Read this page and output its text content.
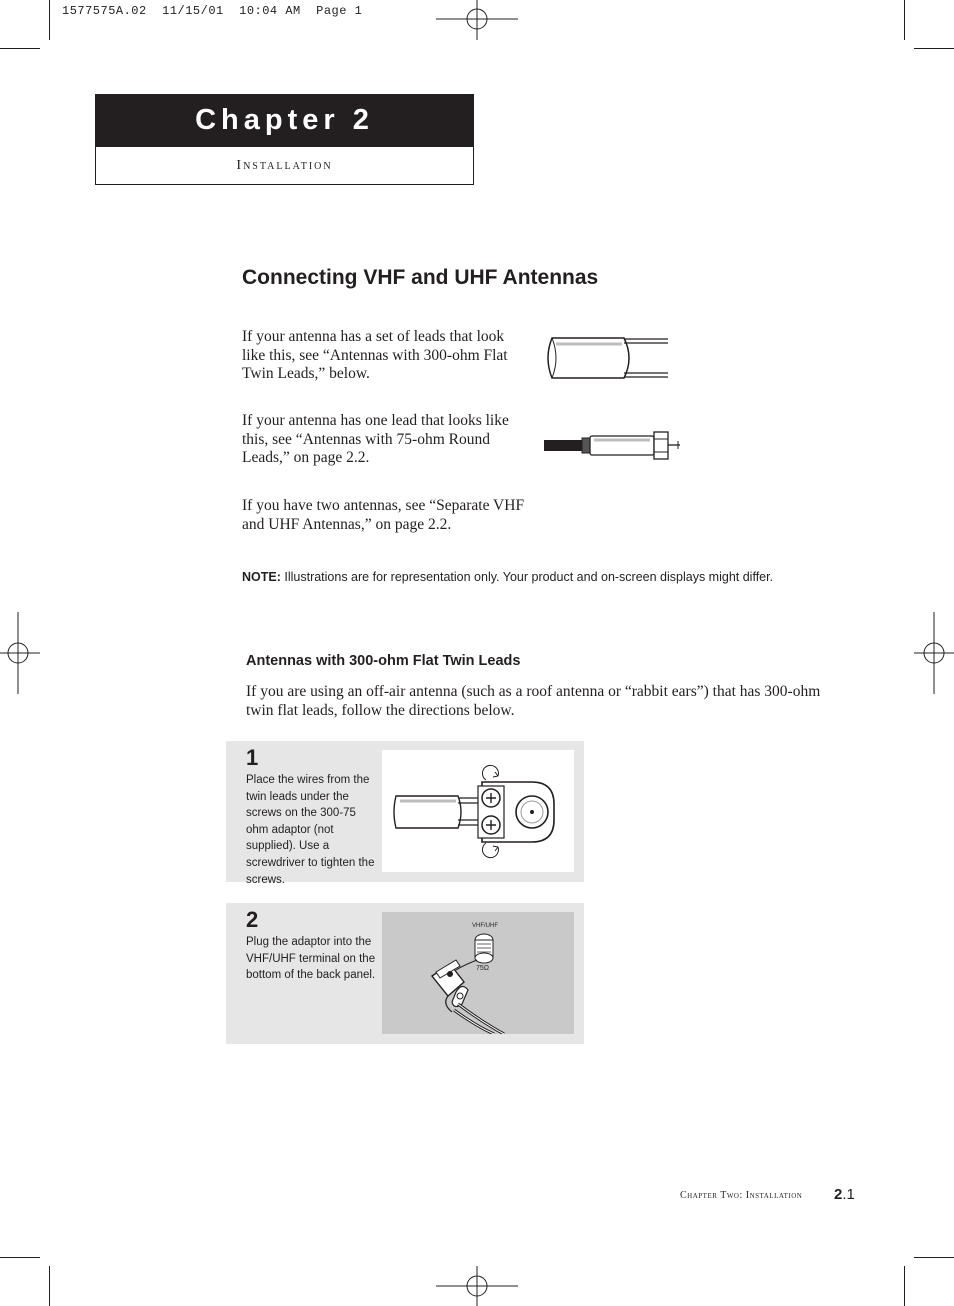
1577575A.02  11/15/01  10:04 AM  Page 1
Chapter 2
Installation
Connecting VHF and UHF Antennas
If your antenna has a set of leads that look like this, see “Antennas with 300-ohm Flat Twin Leads,” below.
If your antenna has one lead that looks like this, see “Antennas with 75-ohm Round Leads,” on page 2.2.
If you have two antennas, see “Separate VHF and UHF Antennas,” on page 2.2.
NOTE: Illustrations are for representation only. Your product and on-screen displays might differ.
Antennas with 300-ohm Flat Twin Leads
If you are using an off-air antenna (such as a roof antenna or “rabbit ears”) that has 300-ohm twin flat leads, follow the directions below.
1
Place the wires from the twin leads under the screws on the 300-75 ohm adaptor (not supplied). Use a screwdriver to tighten the screws.
2
Plug the adaptor into the VHF/UHF terminal on the bottom of the back panel.
VHF/UHF
75Ω
Chapter Two: Installation 2.1
